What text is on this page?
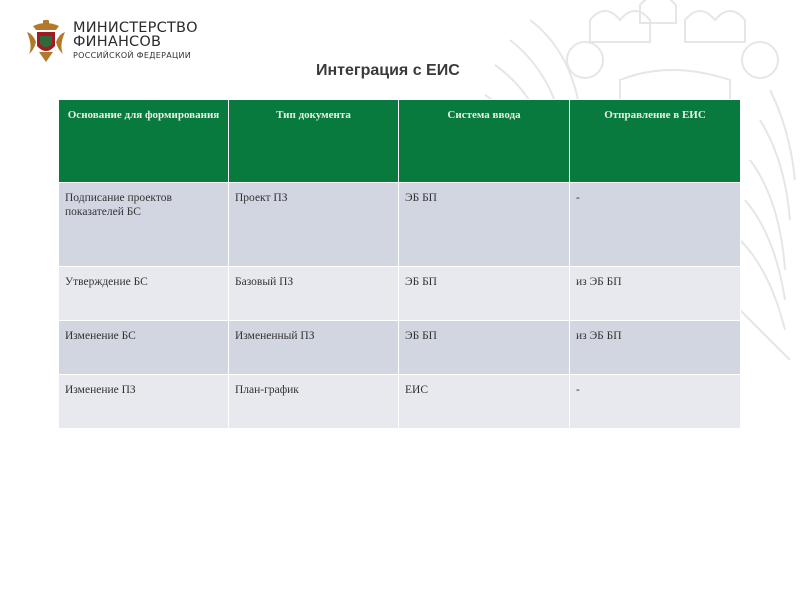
МИНИСТЕРСТВО
ФИНАНСОВ
РОССИЙСКОЙ ФЕДЕРАЦИИ
Интеграция с ЕИС
Основание для формирования	Тип документа	Система ввода	Отправление в ЕИС
Подписание проектов показателей БС	Проект ПЗ	ЭБ БП	-
Утверждение БС	Базовый ПЗ	ЭБ БП	из ЭБ БП
Изменение БС	Измененный ПЗ	ЭБ БП	из ЭБ БП
Изменение ПЗ	План-график	ЕИС	-
